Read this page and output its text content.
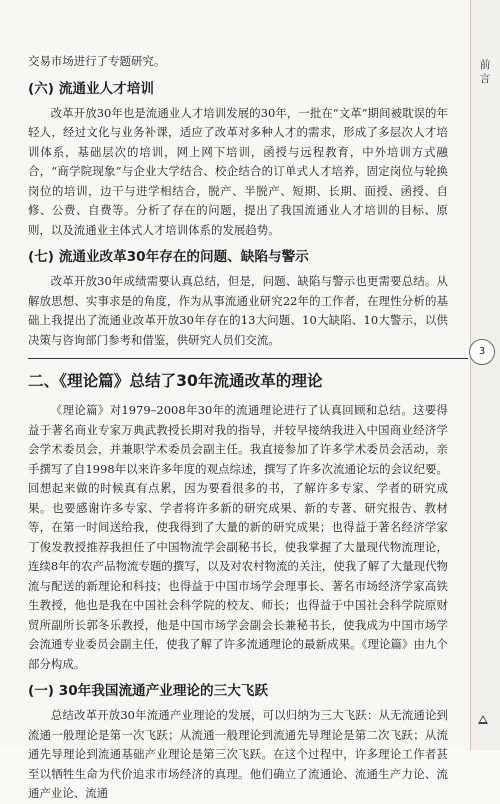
交易市场进行了专题研究。

(六) 流通业人才培训

改革开放30年也是流通业人才培训发展的30年，一批在“文革”期间被耽误的年轻人，经过文化与业务补课，适应了改革对多种人才的需求，形成了多层次人才培训体系，基础层次的培训，网上网下培训，函授与远程教育，中外培训方式融合，“商学院现象”与企业大学结合、校企结合的订单式人才培养，固定岗位与轮换岗位的培训，边干与进学相结合，脱产、半脱产、短期、长期、面授、函授、自修、公费、自费等。分析了存在的问题，提出了我国流通业人才培训的目标、原则，以及流通业主体式人才培训体系的发展趋势。

(七) 流通业改革30年存在的问题、缺陷与警示

改革开放30年成绩需要认真总结，但是，问题、缺陷与警示也更需要总结。从解放思想、实事求是的角度，作为从事流通业研究22年的工作者，在理性分析的基础上我提出了流通业改革开放30年存在的13大问题、10大缺陷、10大警示，以供决策与咨询部门参考和借鉴，供研究人员们交流。

二、《理论篇》总结了30年流通改革的理论

《理论篇》对1979–2008年30年的流通理论进行了认真回顾和总结。这要得益于著名商业专家万典武教授长期对我的指导，并较早接纳我进入中国商业经济学会学术委员会，并兼职学术委员会副主任。我直接参加了许多学术委员会活动，亲手撰写了自1998年以来许多年度的观点综述，撰写了许多次流通论坛的会议纪要。回想起来做的时候真有点累，因为要看很多的书，了解许多专家、学者的研究成果。也要感谢许多专家、学者将许多新的研究成果、新的专著、研究报告、教材等，在第一时间送给我，使我得到了大量的新的研究成果；也得益于著名经济学家丁俊发教授推荐我担任了中国物流学会副秘书长，使我掌握了大量现代物流理论，连续8年的农产品物流专题的撰写，以及对农村物流的关注，使我了解了大量现代物流与配送的新理论和科技；也得益于中国市场学会理事长、著名市场经济学家高铁生教授，他也是我在中国社会科学院的校友、师长；也得益于中国社会科学院原财贸所副所长郭冬乐教授，他是中国市场学会副会长兼秘书长，使我成为中国市场学会流通专业委员会副主任，使我了解了许多流通理论的最新成果。《理论篇》由九个部分构成。

(一) 30年我国流通产业理论的三大飞跃

总结改革开放30年流通产业理论的发展，可以归纳为三大飞跃：从无流通论到流通一般理论是第一次飞跃；从流通一般理论到流通先导理论是第二次飞跃；从流通先导理论到流通基础产业理论是第三次飞跃。在这个过程中，许多理论工作者甚至以牺牲生命为代价追求市场经济的真理。他们确立了流通论、流通生产力论、流通产业论、流通

前言
3
